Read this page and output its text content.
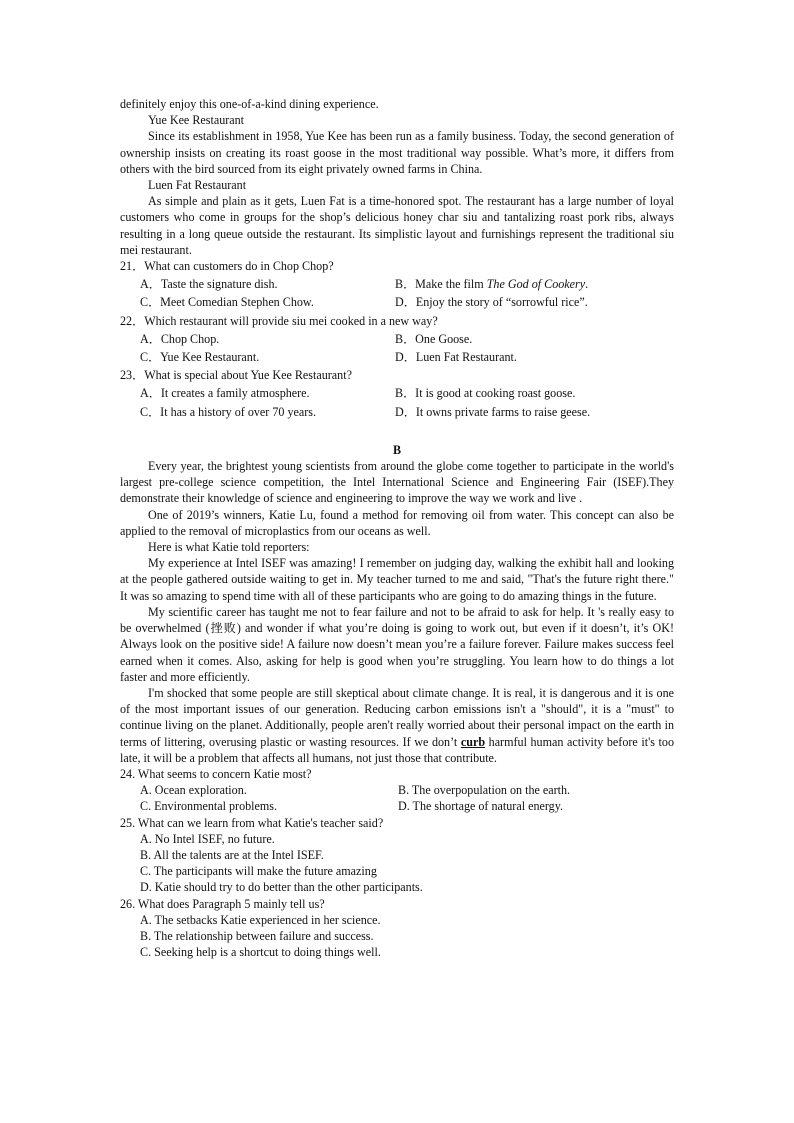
definitely enjoy this one-of-a-kind dining experience.

Yue Kee Restaurant

Since its establishment in 1958, Yue Kee has been run as a family business. Today, the second generation of ownership insists on creating its roast goose in the most traditional way possible. What’s more, it differs from others with the bird sourced from its eight privately owned farms in China.

Luen Fat Restaurant

As simple and plain as it gets, Luen Fat is a time-honored spot. The restaurant has a large number of loyal customers who come in groups for the shop’s delicious honey char siu and tantalizing roast pork ribs, always resulting in a long queue outside the restaurant. Its simplistic layout and furnishings represent the traditional siu mei restaurant.

21．What can customers do in Chop Chop?

A．Taste the signature dish.	B．Make the film The God of Cookery.
C．Meet Comedian Stephen Chow.	D．Enjoy the story of “sorrowful rice”.

22．Which restaurant will provide siu mei cooked in a new way?

A．Chop Chop.	B．One Goose.
C．Yue Kee Restaurant.	D．Luen Fat Restaurant.

23．What is special about Yue Kee Restaurant?

A．It creates a family atmosphere.	B．It is good at cooking roast goose.
C．It has a history of over 70 years.	D．It owns private farms to raise geese.

B

Every year, the brightest young scientists from around the globe come together to participate in the world's largest pre-college science competition, the Intel International Science and Engineering Fair (ISEF).They demonstrate their knowledge of science and engineering to improve the way we work and live .

One of 2019’s winners, Katie Lu, found a method for removing oil from water. This concept can also be applied to the removal of microplastics from our oceans as well.

Here is what Katie told reporters:

My experience at Intel ISEF was amazing! I remember on judging day, walking the exhibit hall and looking at the people gathered outside waiting to get in. My teacher turned to me and said, "That's the future right there." It was so amazing to spend time with all of these participants who are going to do amazing things in the future.

My scientific career has taught me not to fear failure and not to be afraid to ask for help. It 's really easy to be overwhelmed (挫败) and wonder if what you’re doing is going to work out, but even if it doesn’t, it’s OK! Always look on the positive side! A failure now doesn’t mean you’re a failure forever. Failure makes success feel earned when it comes. Also, asking for help is good when you’re struggling. You learn how to do things a lot faster and more efficiently.

I'm shocked that some people are still skeptical about climate change. It is real, it is dangerous and it is one of the most important issues of our generation. Reducing carbon emissions isn't a "should", it is a "must" to continue living on the planet. Additionally, people aren't really worried about their personal impact on the earth in terms of littering, overusing plastic or wasting resources. If we don’t curb harmful human activity before it's too late, it will be a problem that affects all humans, not just those that contribute.

24. What seems to concern Katie most?

A. Ocean exploration.	B. The overpopulation on the earth.
C. Environmental problems.	D. The shortage of natural energy.

25. What can we learn from what Katie's teacher said?

A. No Intel ISEF, no future.

B. All the talents are at the Intel ISEF.

C. The participants will make the future amazing

D. Katie should try to do better than the other participants.

26. What does Paragraph 5 mainly tell us?

A. The setbacks Katie experienced in her science.

B. The relationship between failure and success.

C. Seeking help is a shortcut to doing things well.
